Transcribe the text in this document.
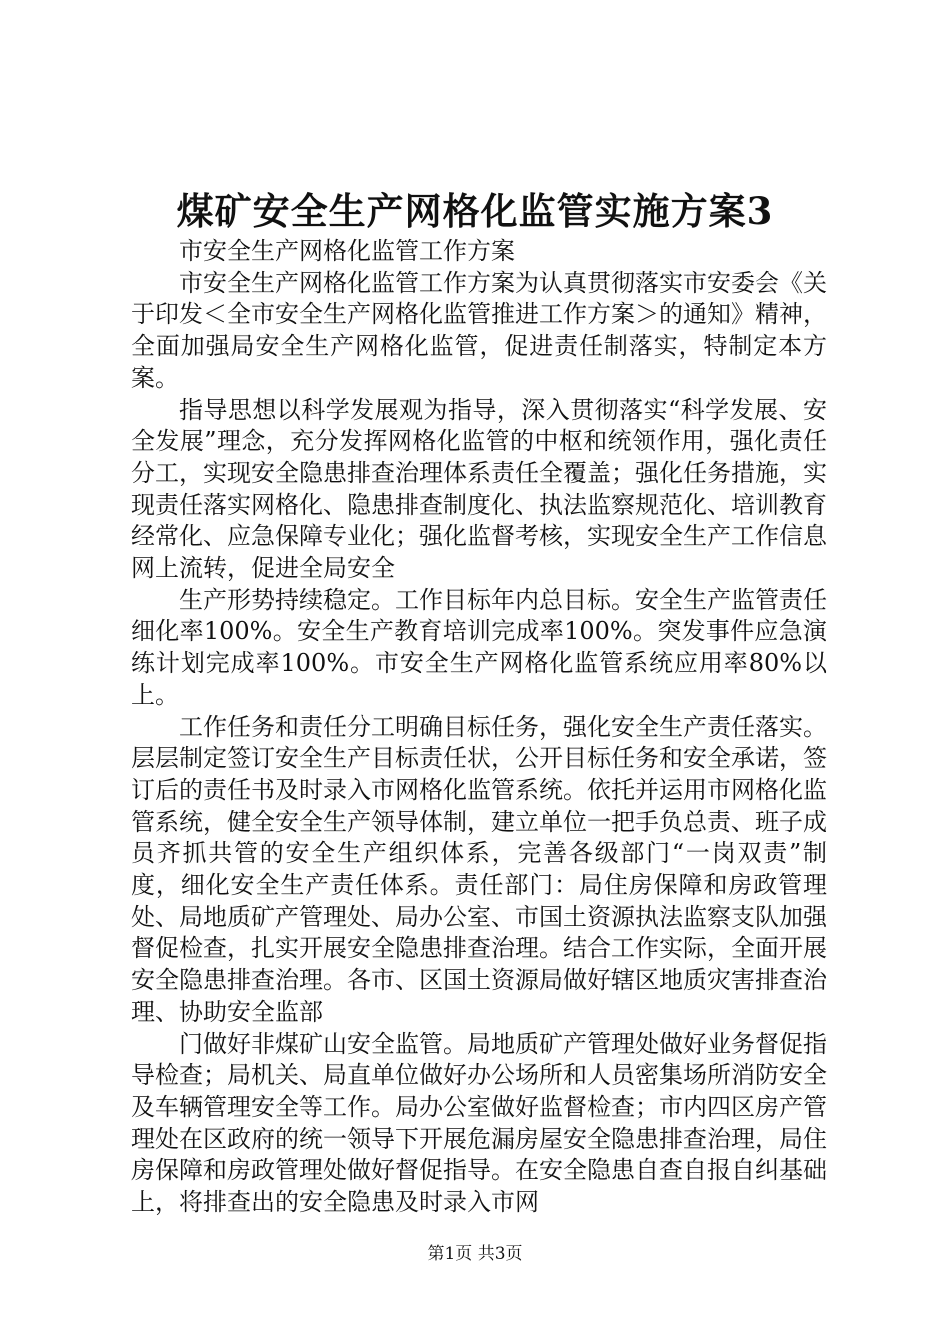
煤矿安全生产网格化监管实施方案3

市安全生产网格化监管工作方案

市安全生产网格化监管工作方案为认真贯彻落实市安委会《关于印发＜全市安全生产网格化监管推进工作方案＞的通知》精神，全面加强局安全生产网格化监管，促进责任制落实，特制定本方案。

指导思想以科学发展观为指导，深入贯彻落实“科学发展、安全发展”理念，充分发挥网格化监管的中枢和统领作用，强化责任分工，实现安全隐患排查治理体系责任全覆盖；强化任务措施，实现责任落实网格化、隐患排查制度化、执法监察规范化、培训教育经常化、应急保障专业化；强化监督考核，实现安全生产工作信息网上流转，促进全局安全

生产形势持续稳定。工作目标年内总目标。安全生产监管责任细化率100%。安全生产教育培训完成率100%。突发事件应急演练计划完成率100%。市安全生产网格化监管系统应用率80%以上。

工作任务和责任分工明确目标任务，强化安全生产责任落实。层层制定签订安全生产目标责任状，公开目标任务和安全承诺，签订后的责任书及时录入市网格化监管系统。依托并运用市网格化监管系统，健全安全生产领导体制，建立单位一把手负总责、班子成员齐抓共管的安全生产组织体系，完善各级部门“一岗双责”制度，细化安全生产责任体系。责任部门：局住房保障和房政管理处、局地质矿产管理处、局办公室、市国土资源执法监察支队加强督促检查，扎实开展安全隐患排查治理。结合工作实际，全面开展安全隐患排查治理。各市、区国土资源局做好辖区地质灾害排查治理、协助安全监部

门做好非煤矿山安全监管。局地质矿产管理处做好业务督促指导检查；局机关、局直单位做好办公场所和人员密集场所消防安全及车辆管理安全等工作。局办公室做好监督检查；市内四区房产管理处在区政府的统一领导下开展危漏房屋安全隐患排查治理，局住房保障和房政管理处做好督促指导。在安全隐患自查自报自纠基础上，将排查出的安全隐患及时录入市网

第1页 共3页
